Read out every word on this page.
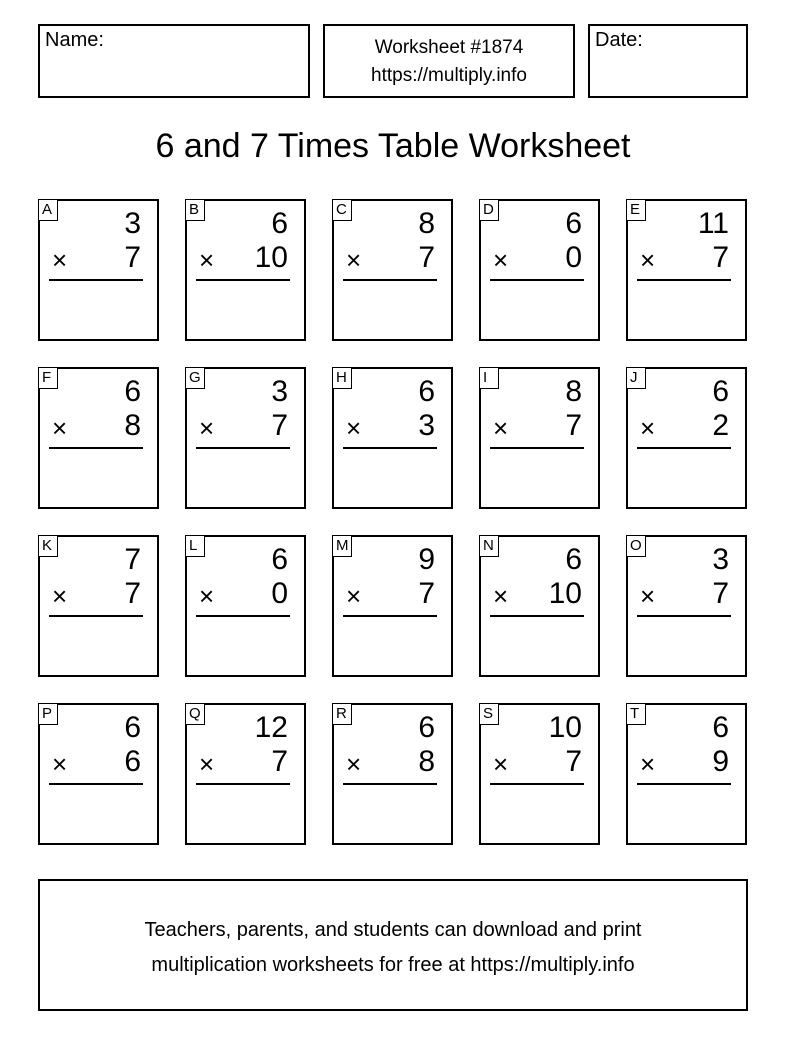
Name:	Worksheet #1874
https://multiply.info
Date:
6 and 7 Times Table Worksheet
A 3
× 7
B 6
× 10
C 8
× 7
D 6
× 0
E 11
× 7
F 6
× 8
G 3
× 7
H 6
× 3
I	8
× 7
J 6
× 2
K 7
× 7
L 6
× 0
M 9
× 7
N 6
× 10
O 3
× 7
P 6
× 6
Q 12
× 7
R 6
× 8
S 10
× 7
T 6
× 9
Teachers, parents, and students can download and print
multiplication worksheets for free at https://multiply.info
